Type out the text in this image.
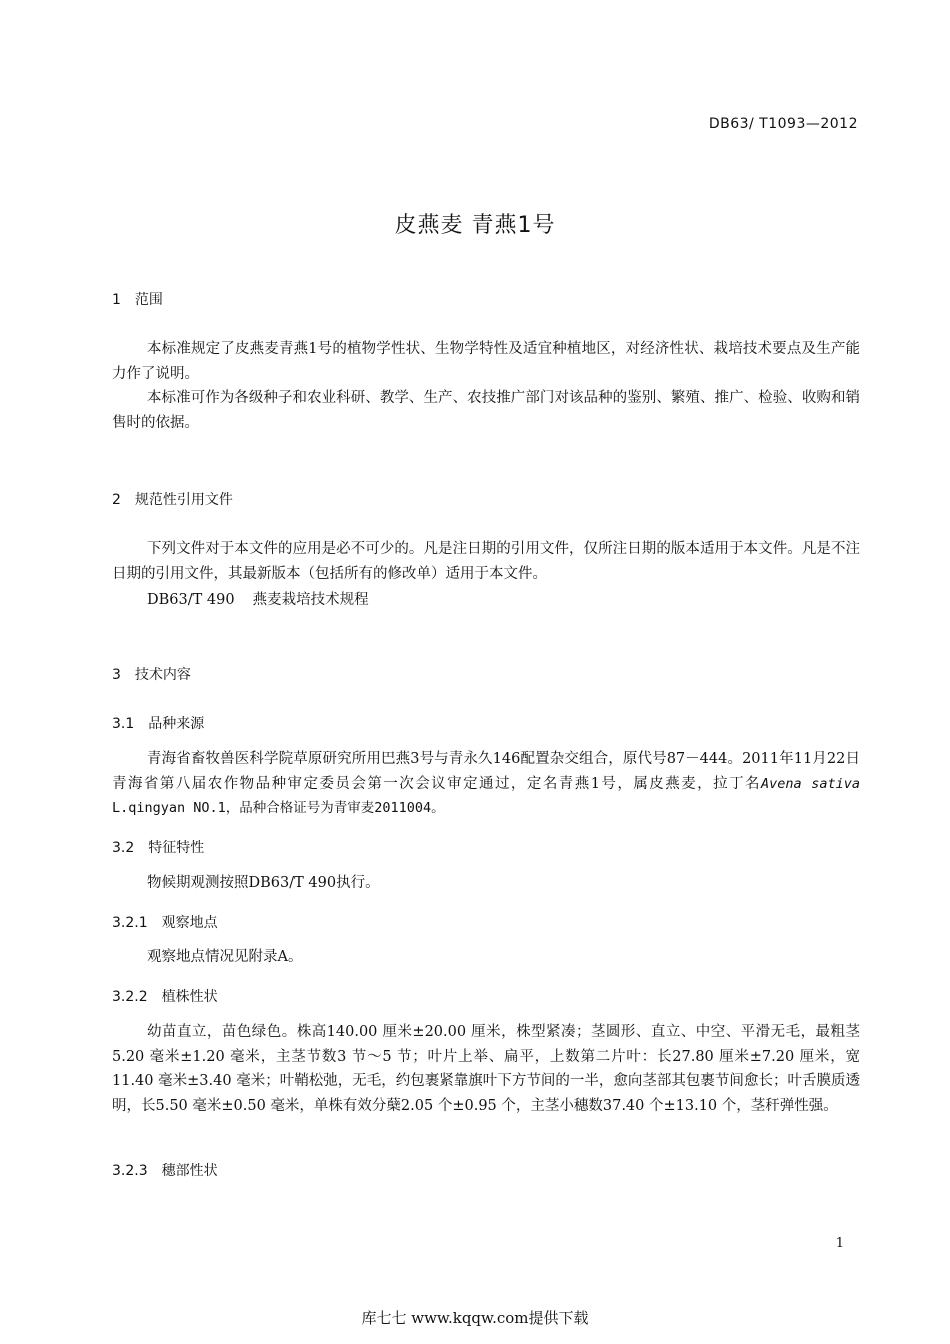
DB63/ T1093—2012
皮燕麦 青燕1号
1 范围

本标准规定了皮燕麦青燕1号的植物学性状、生物学特性及适宜种植地区，对经济性状、栽培技术要点及生产能力作了说明。

本标准可作为各级种子和农业科研、教学、生产、农技推广部门对该品种的鉴别、繁殖、推广、检验、收购和销售时的依据。

2 规范性引用文件

下列文件对于本文件的应用是必不可少的。凡是注日期的引用文件，仅所注日期的版本适用于本文件。凡是不注日期的引用文件，其最新版本（包括所有的修改单）适用于本文件。

DB63/T 490 燕麦栽培技术规程
3 技术内容
3.1 品种来源

青海省畜牧兽医科学院草原研究所用巴燕3号与青永久146配置杂交组合，原代号87－444。2011年11月22日青海省第八届农作物品种审定委员会第一次会议审定通过，定名青燕1号，属皮燕麦，拉丁名Avena sativa L.qingyan NO.1，品种合格证号为青审麦2011004。

3.2 特征特性

物候期观测按照DB63/T 490执行。

3.2.1 观察地点

观察地点情况见附录A。

3.2.2 植株性状

幼苗直立，苗色绿色。株高140.00 厘米±20.00 厘米，株型紧凑；茎圆形、直立、中空、平滑无毛，最粗茎5.20 毫米±1.20 毫米，主茎节数3 节～5 节；叶片上举、扁平，上数第二片叶：长27.80 厘米±7.20 厘米，宽11.40 毫米±3.40 毫米；叶鞘松弛，无毛，约包裹紧靠旗叶下方节间的一半，愈向茎部其包裹节间愈长；叶舌膜质透明，长5.50 毫米±0.50 毫米，单株有效分蘖2.05 个±0.95 个，主茎小穗数37.40 个±13.10 个，茎秆弹性强。

3.2.3 穗部性状
1
库七七 www.kqqw.com提供下载
